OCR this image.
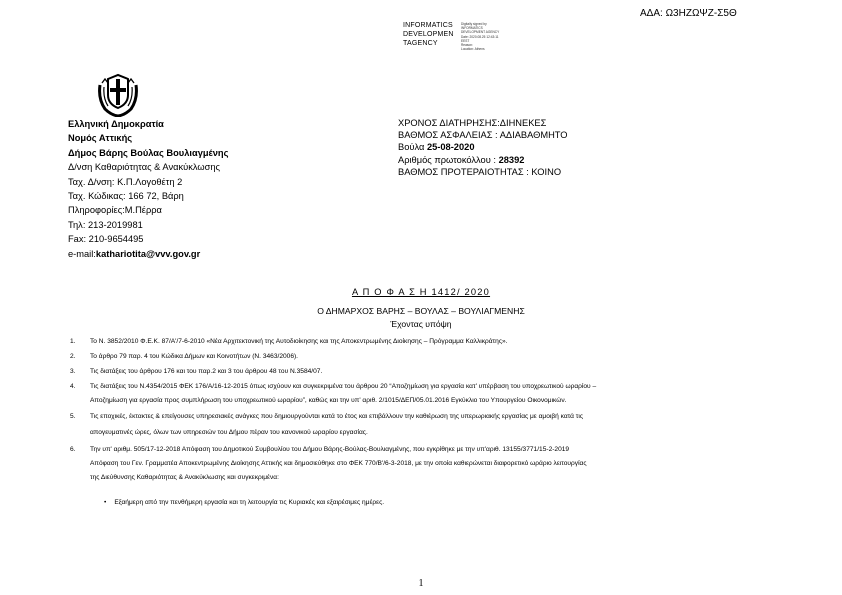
ΑΔΑ: Ω3ΗΖΩΨΖ-Σ5Θ
INFORMATICS
DEVELOPMEN
TAGENCY
Digitally signed by
INFORMATICS
DEVELOPMENT AGENCY
Date: 2020.08.25 12:43:11
EEST
Reason:
Location: Athens
Ελληνική Δημοκρατία
Νομός Αττικής
Δήμος Βάρης Βούλας Βουλιαγμένης
Δ/νση Καθαριότητας & Ανακύκλωσης
Ταχ. Δ/νση: Κ.Π.Λογοθέτη 2
Ταχ. Κώδικας: 166 72, Βάρη
Πληροφορίες:Μ.Πέρρα
Τηλ: 213-2019981
Fax: 210-9654495
e-mail:kathariotita@vvv.gov.gr
ΧΡΟΝΟΣ ΔΙΑΤΗΡΗΣΗΣ:ΔΙΗΝΕΚΕΣ
ΒΑΘΜΟΣ ΑΣΦΑΛΕΙΑΣ : ΑΔΙΑΒΑΘΜΗΤΟ
Βούλα 25-08-2020
Αριθμός πρωτοκόλλου : 28392
ΒΑΘΜΟΣ ΠΡΟΤΕΡΑΙΟΤΗΤΑΣ : ΚΟΙΝΟ
Α Π Ο Φ Α Σ Η 1412/ 2020
Ο ΔΗΜΑΡΧΟΣ ΒΑΡΗΣ – ΒΟΥΛΑΣ – ΒΟΥΛΙΑΓΜΕΝΗΣ
Έχοντας υπόψη
1.	Το Ν. 3852/2010 Φ.Ε.Κ. 87/Α'/7-6-2010 «Νέα Αρχιτεκτονική της Αυτοδιοίκησης και της Αποκεντρωμένης Διοίκησης – Πρόγραμμα Καλλικράτης».
2.	Το άρθρο 79 παρ. 4 του Κώδικα Δήμων και Κοινοτήτων (Ν. 3463/2006).
3.	Τις διατάξεις του άρθρου 176 και του παρ.2 και 3 του άρθρου 48 του Ν.3584/07.
4.	Τις διατάξεις του Ν.4354/2015 ΦΕΚ 176/Α/16-12-2015 όπως ισχύουν και συγκεκριμένα του άρθρου 20 “Αποζημίωση για εργασία κατ' υπέρβαση του υποχρεωτικού ωραρίου –
Αποζημίωση για εργασία προς συμπλήρωση του υποχρεωτικού ωραρίου”, καθώς και την υπ' αριθ. 2/1015/ΔΕΠ/05.01.2016 Εγκύκλιο του Υπουργείου Οικονομικών.
5.	Τις εποχικές, έκτακτες & επείγουσες υπηρεσιακές ανάγκες που δημιουργούνται κατά το έτος και επιβάλλουν την καθιέρωση της υπερωριακής εργασίας με αμοιβή κατά τις
απογευματινές ώρες, όλων των υπηρεσιών του Δήμου πέραν του κανονικού ωραρίου εργασίας.
6.	Την υπ' αριθμ. 505/17-12-2018 Απόφαση του Δημοτικού Συμβουλίου του Δήμου Βάρης-Βούλας-Βουλιαγμένης, που εγκρίθηκε με την υπ'αριθ. 13155/3771/15-2-2019
Απόφαση του Γεν. Γραμματέα Αποκεντρωμένης Διοίκησης Αττικής και δημοσιεύθηκε στο ΦΕΚ 770/Β'/6-3-2018, με την οποία καθιερώνεται διαφορετικό ωράριο λειτουργίας
της Διεύθυνσης Καθαριότητας & Ανακύκλωσης και συγκεκριμένα:
• Εξαήμερη από την πενθήμερη εργασία και τη λειτουργία τις Κυριακές και εξαιρέσιμες ημέρες.
1
